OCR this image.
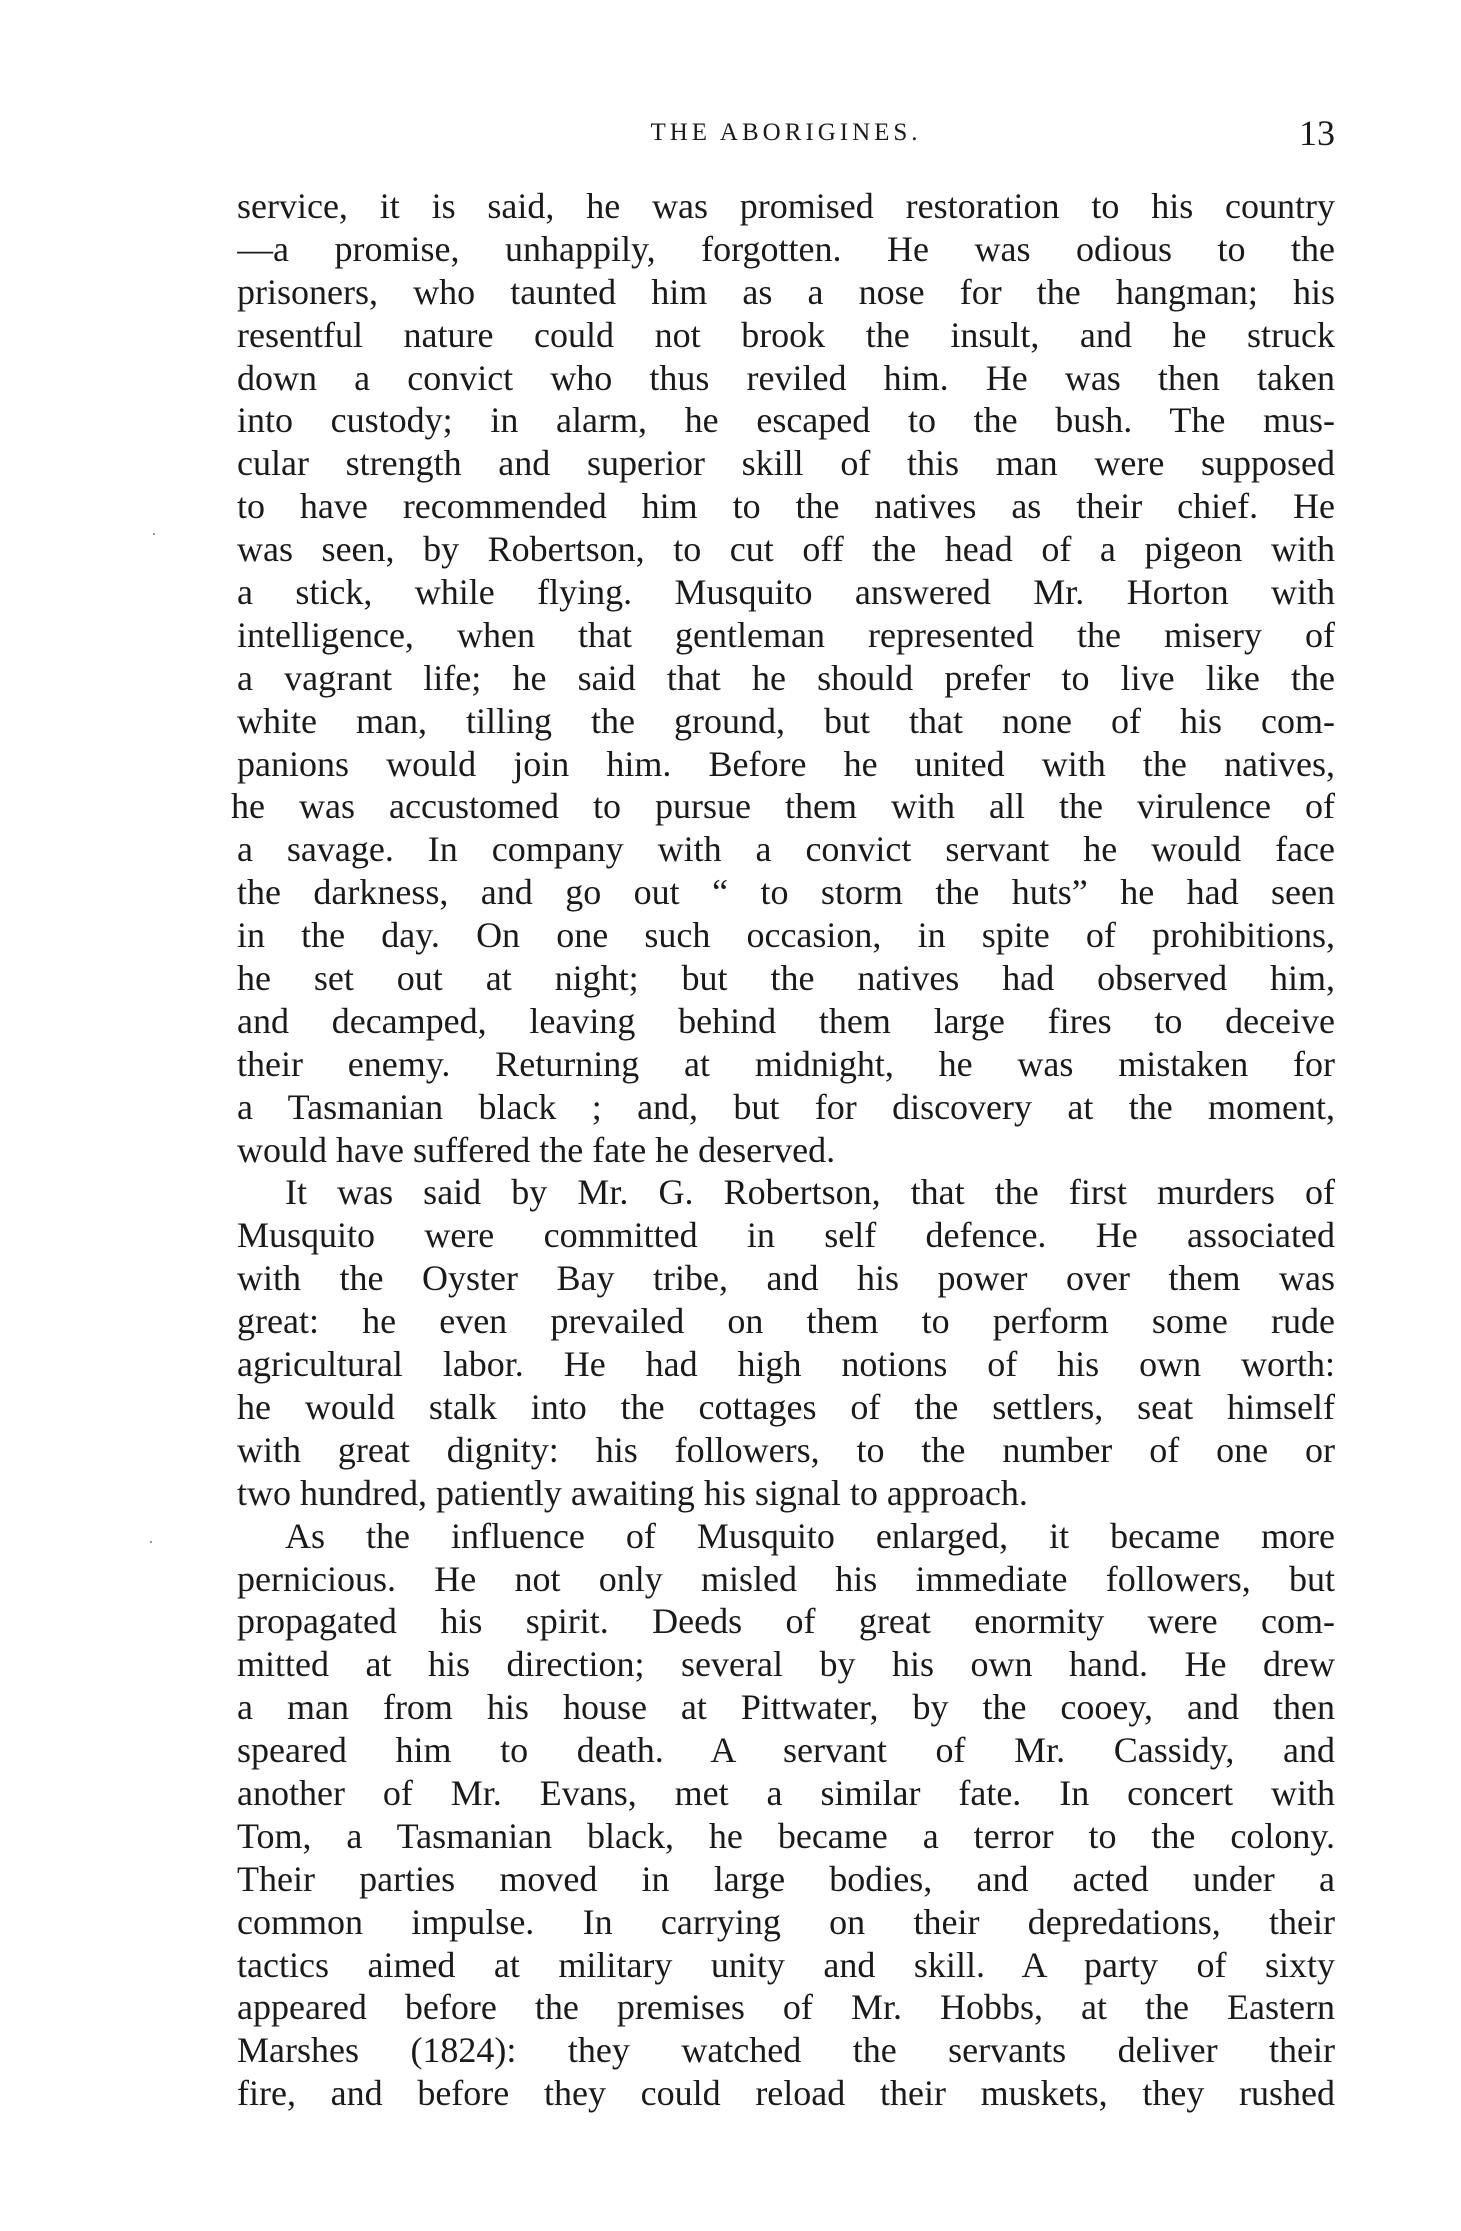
THE ABORIGINES.	13
service, it is said, he was promised restoration to his country
—a promise, unhappily, forgotten. He was odious to the
prisoners, who taunted him as a nose for the hangman; his
resentful nature could not brook the insult, and he struck
down a convict who thus reviled him. He was then taken
into custody; in alarm, he escaped to the bush. The mus-
cular strength and superior skill of this man were supposed
to have recommended him to the natives as their chief. He
was seen, by Robertson, to cut off the head of a pigeon with
a stick, while flying. Musquito answered Mr. Horton with
intelligence, when that gentleman represented the misery of
a vagrant life; he said that he should prefer to live like the
white man, tilling the ground, but that none of his com-
panions would join him. Before he united with the natives,
he was accustomed to pursue them with all the virulence of
a savage. In company with a convict servant he would face
the darkness, and go out “ to storm the huts” he had seen
in the day. On one such occasion, in spite of prohibitions,
he set out at night; but the natives had observed him,
and decamped, leaving behind them large fires to deceive
their enemy. Returning at midnight, he was mistaken for
a Tasmanian black ; and, but for discovery at the moment,
would have suffered the fate he deserved.
It was said by Mr. G. Robertson, that the first murders of
Musquito were committed in self defence. He associated
with the Oyster Bay tribe, and his power over them was
great: he even prevailed on them to perform some rude
agricultural labor. He had high notions of his own worth:
he would stalk into the cottages of the settlers, seat himself
with great dignity: his followers, to the number of one or
two hundred, patiently awaiting his signal to approach.
As the influence of Musquito enlarged, it became more
pernicious. He not only misled his immediate followers, but
propagated his spirit. Deeds of great enormity were com-
mitted at his direction; several by his own hand. He drew
a man from his house at Pittwater, by the cooey, and then
speared him to death. A servant of Mr. Cassidy, and
another of Mr. Evans, met a similar fate. In concert with
Tom, a Tasmanian black, he became a terror to the colony.
Their parties moved in large bodies, and acted under a
common impulse. In carrying on their depredations, their
tactics aimed at military unity and skill. A party of sixty
appeared before the premises of Mr. Hobbs, at the Eastern
Marshes (1824): they watched the servants deliver their
fire, and before they could reload their muskets, they rushed
